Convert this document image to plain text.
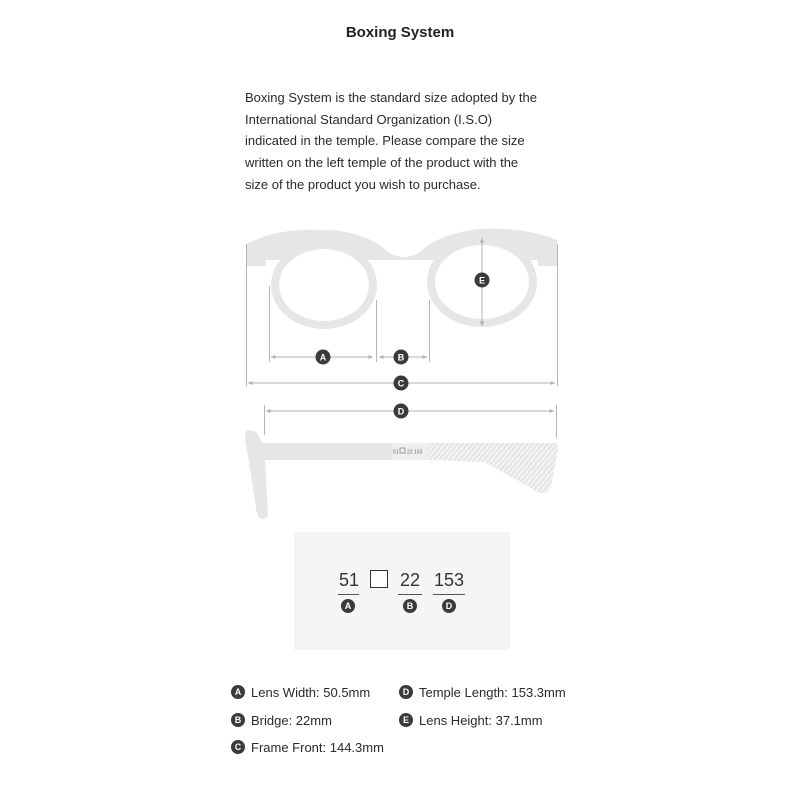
Boxing System

Boxing System is the standard size adopted by the
International Standard Organization (I.S.O)
indicated in the temple. Please compare the size
written on the left temple of the product with the
size of the product you wish to purchase.

51 22 153
A	B
C
D
E
51
A
22
B
153
D
A Lens Width: 50.5mm
B Bridge: 22mm
C Frame Front: 144.3mm
D Temple Length: 153.3mm
E Lens Height: 37.1mm
